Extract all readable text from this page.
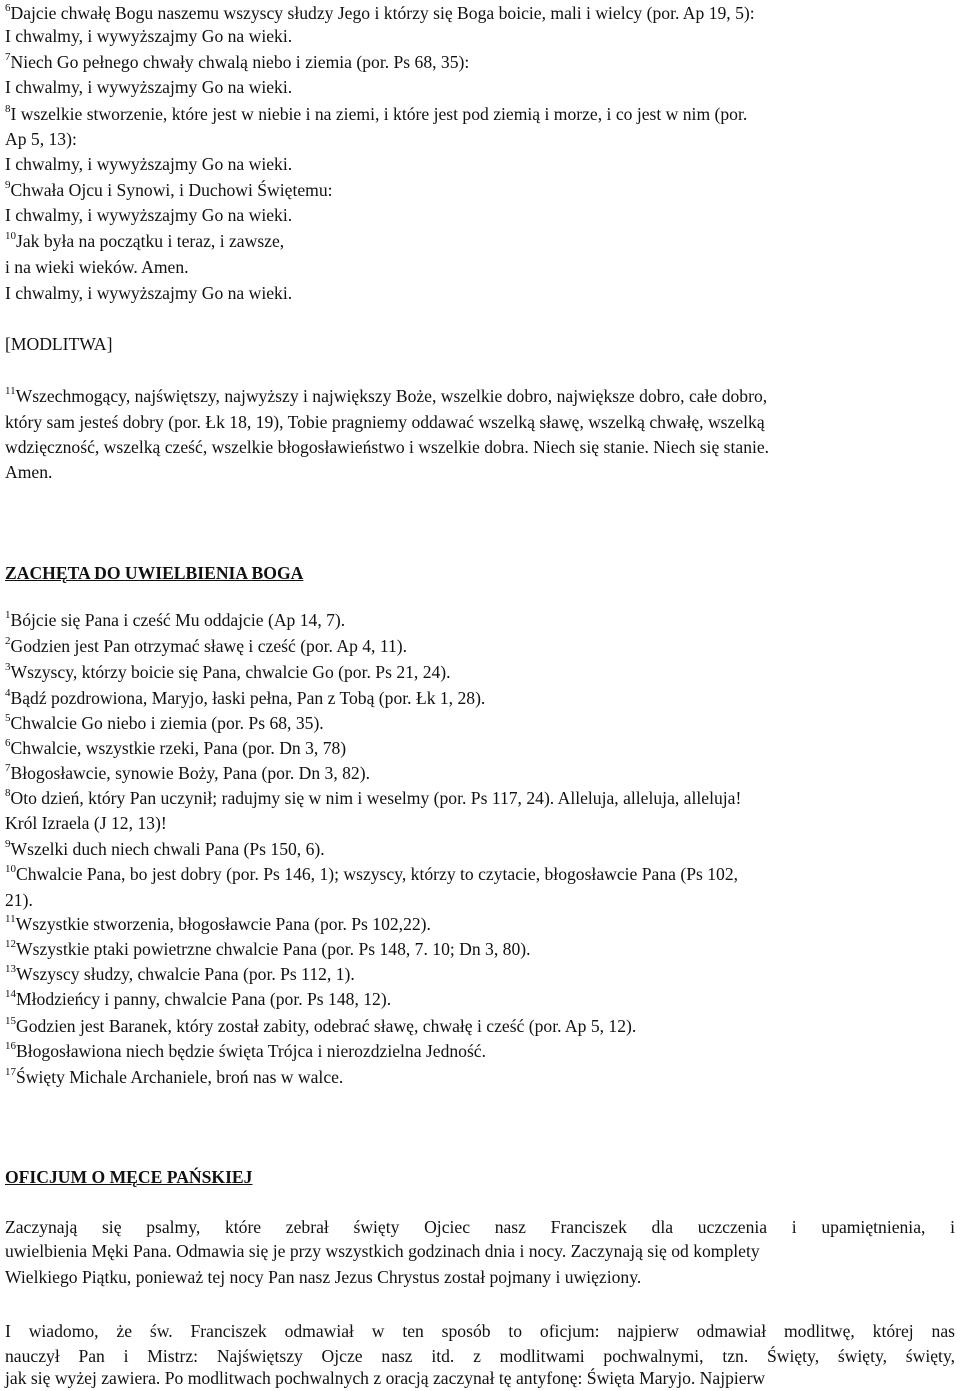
$^6$Dajcie chwałę Bogu naszemu wszyscy słudzy Jego i którzy się Boga boicie, mali i wielcy (por. Ap 19, 5):
I chwalmy, i wywyższajmy Go na wieki.
$^7$Niech Go pełnego chwały chwalą niebo i ziemia (por. Ps 68, 35):
I chwalmy, i wywyższajmy Go na wieki.
$^8$I wszelkie stworzenie, które jest w niebie i na ziemi, i które jest pod ziemią i morze, i co jest w nim (por.
Ap 5, 13):
I chwalmy, i wywyższajmy Go na wieki.
$^9$Chwała Ojcu i Synowi, i Duchowi Świętemu:
I chwalmy, i wywyższajmy Go na wieki.
$^{10}$Jak była na początku i teraz, i zawsze,
i na wieki wieków. Amen.
I chwalmy, i wywyższajmy Go na wieki.
[MODLITWA]
$^{11}$Wszechmogący, najświętszy, najwyższy i największy Boże, wszelkie dobro, największe dobro, całe dobro,
który sam jesteś dobry (por. Łk 18, 19), Tobie pragniemy oddawać wszelką sławę, wszelką chwałę, wszelką
wdzięczność, wszelką cześć, wszelkie błogosławieństwo i wszelkie dobra. Niech się stanie. Niech się stanie.
Amen.
ZACHĘTA DO UWIELBIENIA BOGA
$^1$Bójcie się Pana i cześć Mu oddajcie (Ap 14, 7).
$^2$Godzien jest Pan otrzymać sławę i cześć (por. Ap 4, 11).
$^3$Wszyscy, którzy boicie się Pana, chwalcie Go (por. Ps 21, 24).
$^4$Bądź pozdrowiona, Maryjo, łaski pełna, Pan z Tobą (por. Łk 1, 28).
$^5$Chwalcie Go niebo i ziemia (por. Ps 68, 35).
$^6$Chwalcie, wszystkie rzeki, Pana (por. Dn 3, 78)
$^7$Błogosławcie, synowie Boży, Pana (por. Dn 3, 82).
$^8$Oto dzień, który Pan uczynił; radujmy się w nim i weselmy (por. Ps 117, 24). Alleluja, alleluja, alleluja!
Król Izraela (J 12, 13)!
$^9$Wszelki duch niech chwali Pana (Ps 150, 6).
$^{10}$Chwalcie Pana, bo jest dobry (por. Ps 146, 1); wszyscy, którzy to czytacie, błogosławcie Pana (Ps 102,
21).
$^{11}$Wszystkie stworzenia, błogosławcie Pana (por. Ps 102,22).
$^{12}$Wszystkie ptaki powietrzne chwalcie Pana (por. Ps 148, 7. 10; Dn 3, 80).
$^{13}$Wszyscy słudzy, chwalcie Pana (por. Ps 112, 1).
$^{14}$Młodzieńcy i panny, chwalcie Pana (por. Ps 148, 12).
$^{15}$Godzien jest Baranek, który został zabity, odebrać sławę, chwałę i cześć (por. Ap 5, 12).
$^{16}$Błogosławiona niech będzie święta Trójca i nierozdzielna Jedność.
$^{17}$Święty Michale Archaniele, broń nas w walce.
OFICJUM O MĘCE PAŃSKIEJ
Zaczynają się psalmy, które zebrał święty Ojciec nasz Franciszek dla uczczenia i upamiętnienia, i
uwielbienia Męki Pana. Odmawia się je przy wszystkich godzinach dnia i nocy. Zaczynają się od komplety
Wielkiego Piątku, ponieważ tej nocy Pan nasz Jezus Chrystus został pojmany i uwięziony.
I wiadomo, że św. Franciszek odmawiał w ten sposób to oficjum: najpierw odmawiał modlitwę, której nas
nauczył Pan i Mistrz: Najświętszy Ojcze nasz itd. z modlitwami pochwalnymi, tzn. Święty, święty, święty,
jak się wyżej zawiera. Po modlitwach pochwalnych z oracją zaczynał tę antyfonę: Święta Maryjo. Najpierw
